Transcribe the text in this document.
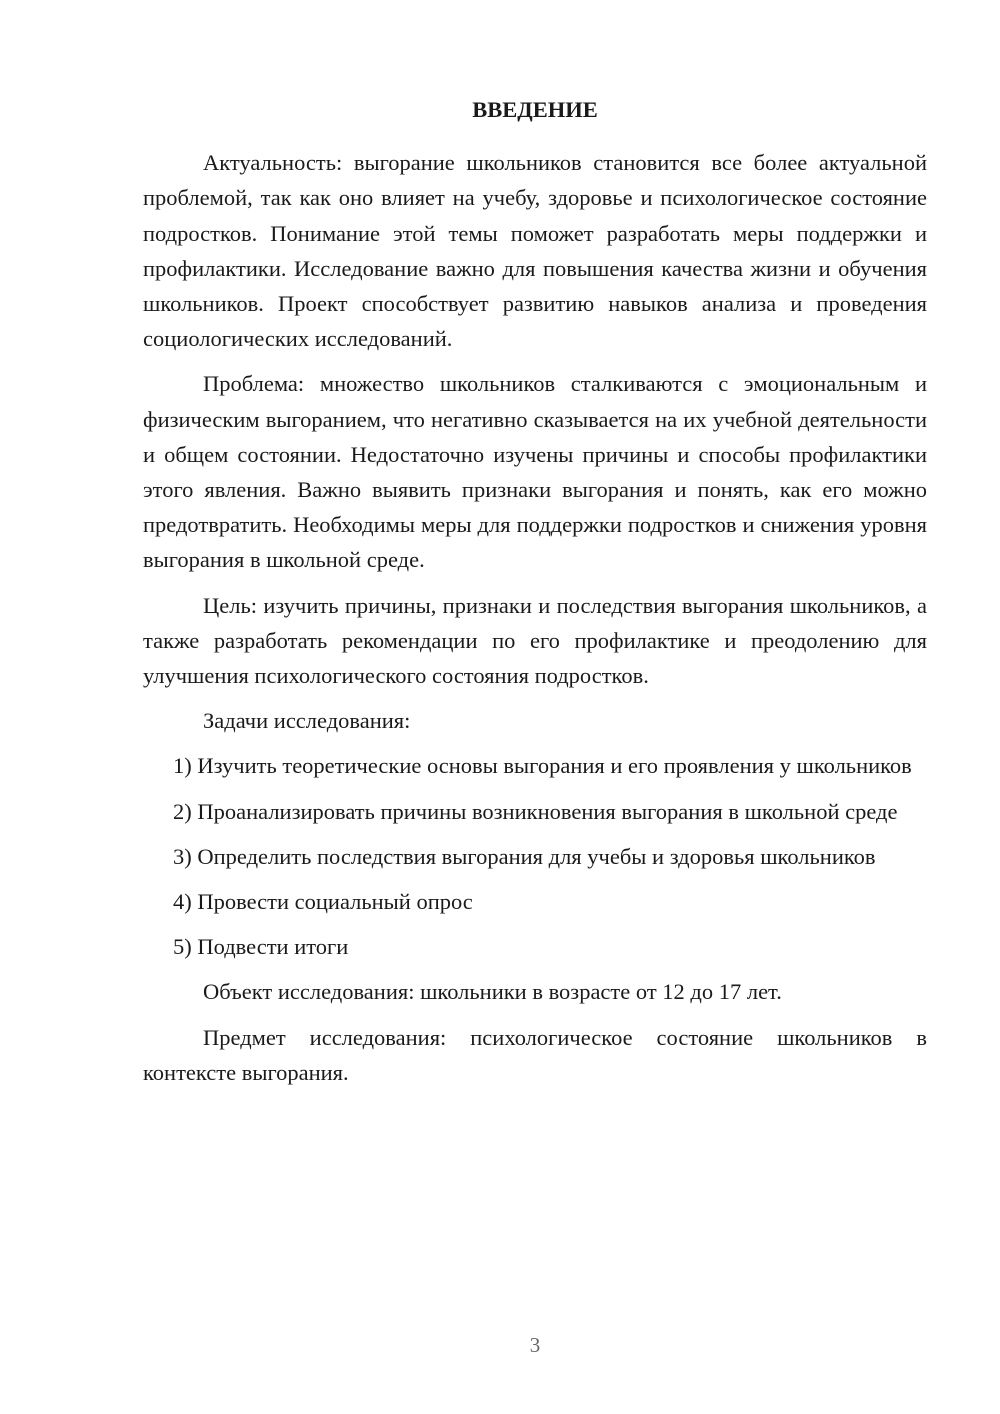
ВВЕДЕНИЕ

Актуальность: выгорание школьников становится все более актуальной проблемой, так как оно влияет на учебу, здоровье и психологическое состояние подростков. Понимание этой темы поможет разработать меры поддержки и профилактики. Исследование важно для повышения качества жизни и обучения школьников. Проект способствует развитию навыков анализа и проведения социологических исследований.

Проблема: множество школьников сталкиваются с эмоциональным и физическим выгоранием, что негативно сказывается на их учебной деятельности и общем состоянии. Недостаточно изучены причины и способы профилактики этого явления. Важно выявить признаки выгорания и понять, как его можно предотвратить. Необходимы меры для поддержки подростков и снижения уровня выгорания в школьной среде.

Цель: изучить причины, признаки и последствия выгорания школьников, а также разработать рекомендации по его профилактике и преодолению для улучшения психологического состояния подростков.

Задачи исследования:

1) Изучить теоретические основы выгорания и его проявления у школьников

2) Проанализировать причины возникновения выгорания в школьной среде

3) Определить последствия выгорания для учебы и здоровья школьников

4) Провести социальный опрос

5) Подвести итоги

Объект исследования: школьники в возрасте от 12 до 17 лет.

Предмет исследования: психологическое состояние школьников в контексте выгорания.

3
